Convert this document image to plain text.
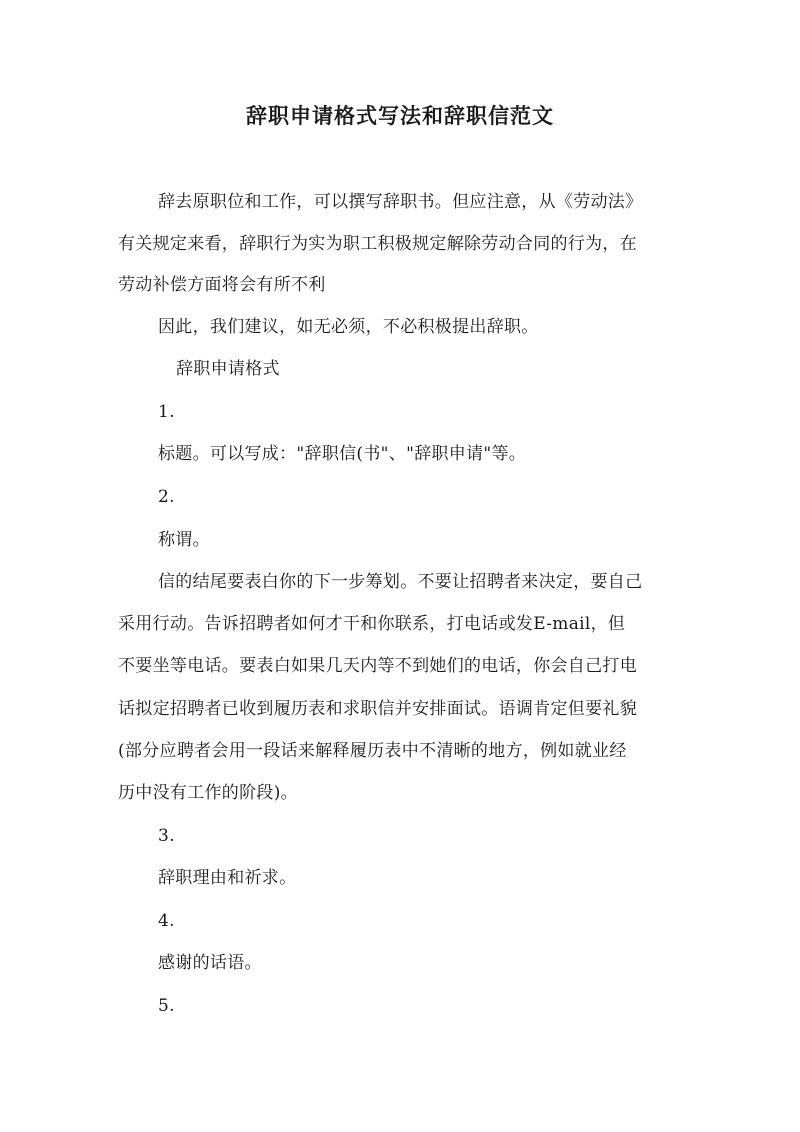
辞职申请格式写法和辞职信范文
辞去原职位和工作，可以撰写辞职书。但应注意，从《劳动法》
有关规定来看，辞职行为实为职工积极规定解除劳动合同的行为，在
劳动补偿方面将会有所不利
因此，我们建议，如无必须，不必积极提出辞职。
辞职申请格式
1.
标题。可以写成："辞职信(书"、"辞职申请"等。
2.
称谓。
信的结尾要表白你的下一步筹划。不要让招聘者来决定，要自己
采用行动。告诉招聘者如何才干和你联系，打电话或发E-mail，但
不要坐等电话。要表白如果几天内等不到她们的电话，你会自己打电
话拟定招聘者已收到履历表和求职信并安排面试。语调肯定但要礼貌
(部分应聘者会用一段话来解释履历表中不清晰的地方，例如就业经
历中没有工作的阶段)。
3.
辞职理由和祈求。
4.
感谢的话语。
5.
